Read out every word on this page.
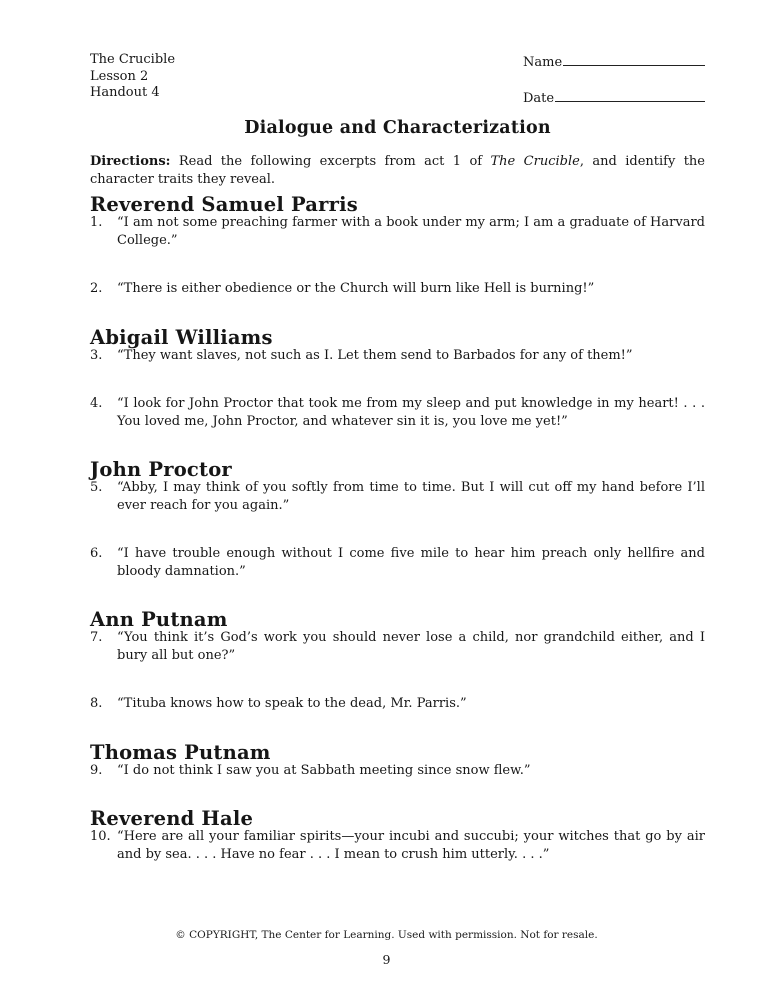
The Crucible
Lesson 2
Handout 4
Name
Date
Dialogue and Characterization

Directions: Read the following excerpts from act 1 of The Crucible, and identify the character traits they reveal.

Reverend Samuel Parris
1. “I am not some preaching farmer with a book under my arm; I am a graduate of Harvard College.”
2. “There is either obedience or the Church will burn like Hell is burning!”
Abigail Williams
3. “They want slaves, not such as I. Let them send to Barbados for any of them!”
4. “I look for John Proctor that took me from my sleep and put knowledge in my heart! . . . You loved me, John Proctor, and whatever sin it is, you love me yet!”
John Proctor
5. “Abby, I may think of you softly from time to time. But I will cut off my hand before I’ll ever reach for you again.”
6. “I have trouble enough without I come five mile to hear him preach only hellfire and bloody damnation.”
Ann Putnam
7. “You think it’s God’s work you should never lose a child, nor grandchild either, and I bury all but one?”
8. “Tituba knows how to speak to the dead, Mr. Parris.”
Thomas Putnam
9. “I do not think I saw you at Sabbath meeting since snow flew.”
Reverend Hale
10. “Here are all your familiar spirits—your incubi and succubi; your witches that go by air and by sea. . . . Have no fear . . . I mean to crush him utterly. . . .”
© COPYRIGHT, The Center for Learning. Used with permission. Not for resale.
9
